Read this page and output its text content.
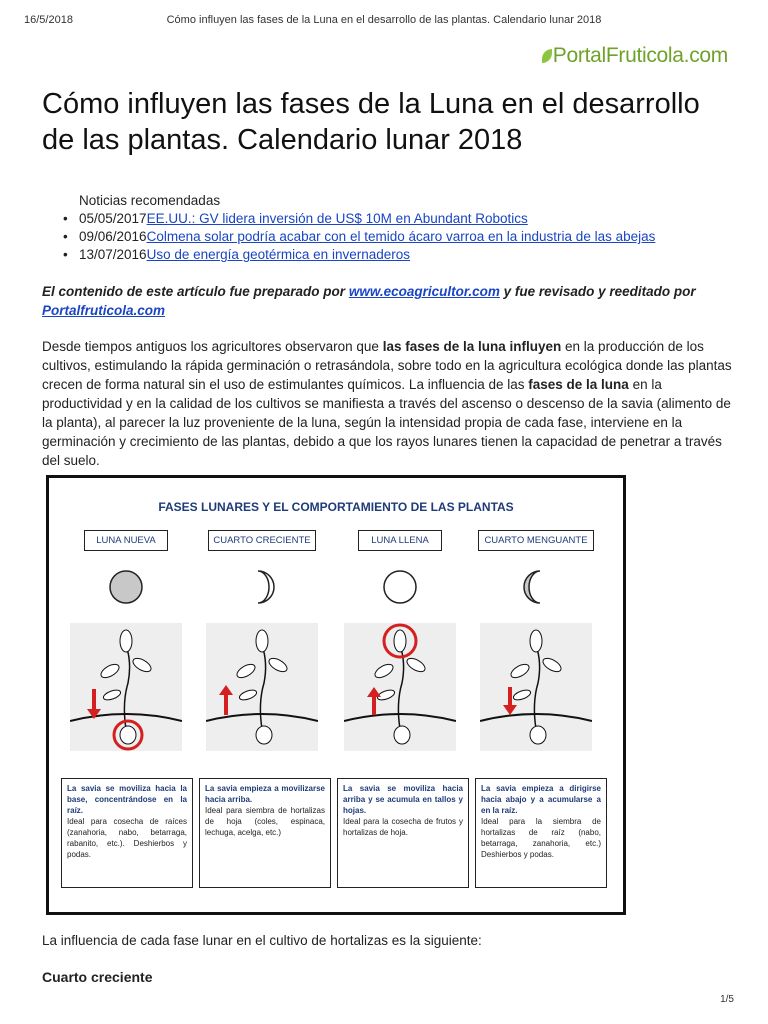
16/5/2018	Cómo influyen las fases de la Luna en el desarrollo de las plantas. Calendario lunar 2018
PortalFruticola.com
Cómo influyen las fases de la Luna en el desarrollo de las plantas. Calendario lunar 2018
Noticias recomendadas
• 05/05/2017EE.UU.: GV lidera inversión de US$ 10M en Abundant Robotics
• 09/06/2016Colmena solar podría acabar con el temido ácaro varroa en la industria de las abejas
• 13/07/2016Uso de energía geotérmica en invernaderos
El contenido de este artículo fue preparado por www.ecoagricultor.com y fue revisado y reeditado por Portalfruticola.com
Desde tiempos antiguos los agricultores observaron que las fases de la luna influyen en la producción de los cultivos, estimulando la rápida germinación o retrasándola, sobre todo en la agricultura ecológica donde las plantas crecen de forma natural sin el uso de estimulantes químicos. La influencia de las fases de la luna en la productividad y en la calidad de los cultivos se manifiesta a través del ascenso o descenso de la savia (alimento de la planta), al parecer la luz proveniente de la luna, según la intensidad propia de cada fase, interviene en la germinación y crecimiento de las plantas, debido a que los rayos lunares tienen la capacidad de penetrar a través del suelo.
FASES LUNARES Y EL COMPORTAMIENTO DE LAS PLANTAS
LUNA NUEVA	CUARTO CRECIENTE	LUNA LLENA	CUARTO MENGUANTE
La savia se moviliza hacia la base, concentrándose en la raíz.
Ideal para cosecha de raíces (zanahoria, nabo, betarraga, rabanito, etc.). Deshierbos y podas.
La savia empieza a movilizarse hacia arriba.
Ideal para siembra de hortalizas de hoja (coles, espinaca, lechuga, acelga, etc.)
La savia se moviliza hacia arriba y se acumula en tallos y hojas.
Ideal para la cosecha de frutos y hortalizas de hoja.
La savia empieza a dirigirse hacia abajo y a acumularse a en la raíz.
Ideal para la siembra de hortalizas de raíz (nabo, betarraga, zanahoria, etc.) Deshierbos y podas.
La influencia de cada fase lunar en el cultivo de hortalizas es la siguiente:
Cuarto creciente
1/5
